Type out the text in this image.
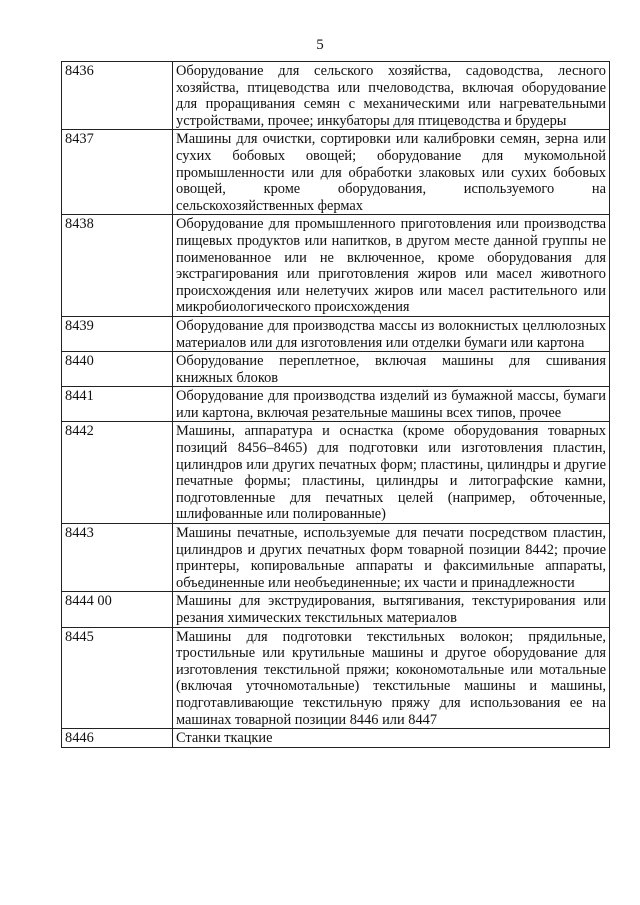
5
8436	Оборудование для сельского хозяйства, садоводства, лесного хозяйства, птицеводства или пчеловодства, включая оборудование для проращивания семян с механическими или нагревательными устройствами, прочее; инкубаторы для птицеводства и брудеры
8437	Машины для очистки, сортировки или калибровки семян, зерна или сухих бобовых овощей; оборудование для мукомольной промышленности или для обработки злаковых или сухих бобовых овощей, кроме оборудования, используемого на сельскохозяйственных фермах
8438	Оборудование для промышленного приготовления или производства пищевых продуктов или напитков, в другом месте данной группы не поименованное или не включенное, кроме оборудования для экстрагирования или приготовления жиров или масел животного происхождения или нелетучих жиров или масел растительного или микробиологического происхождения
8439	Оборудование для производства массы из волокнистых целлюлозных материалов или для изготовления или отделки бумаги или картона
8440	Оборудование переплетное, включая машины для сшивания книжных блоков
8441	Оборудование для производства изделий из бумажной массы, бумаги или картона, включая резательные машины всех типов, прочее
8442	Машины, аппаратура и оснастка (кроме оборудования товарных позиций 8456–8465) для подготовки или изготовления пластин, цилиндров или других печатных форм; пластины, цилиндры и другие печатные формы; пластины, цилиндры и литографские камни, подготовленные для печатных целей (например, обточенные, шлифованные или полированные)
8443	Машины печатные, используемые для печати посредством пластин, цилиндров и других печатных форм товарной позиции 8442; прочие принтеры, копировальные аппараты и факсимильные аппараты, объединенные или необъединенные; их части и принадлежности
8444 00	Машины для экструдирования, вытягивания, текстурирования или резания химических текстильных материалов
8445	Машины для подготовки текстильных волокон; прядильные, тростильные или крутильные машины и другое оборудование для изготовления текстильной пряжи; кокономотальные или мотальные (включая уточномотальные) текстильные машины и машины, подготавливающие текстильную пряжу для использования ее на машинах товарной позиции 8446 или 8447
8446	Станки ткацкие
